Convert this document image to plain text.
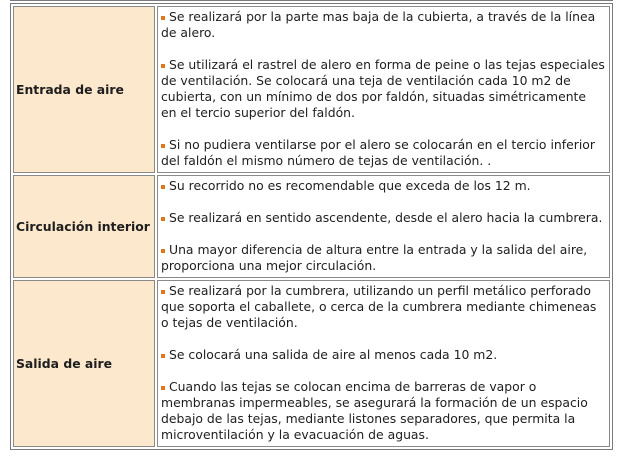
Entrada de aire	Se realizará por la parte mas baja de la cubierta, a través de la línea de alero.

Se utilizará el rastrel de alero en forma de peine o las tejas especiales de ventilación. Se colocará una teja de ventilación cada 10 m2 de cubierta, con un mínimo de dos por faldón, situadas simétricamente en el tercio superior del faldón.

Si no pudiera ventilarse por el alero se colocarán en el tercio inferior del faldón el mismo número de tejas de ventilación. .

Circulación interior	Su recorrido no es recomendable que exceda de los 12 m.

Se realizará en sentido ascendente, desde el alero hacia la cumbrera.

Una mayor diferencia de altura entre la entrada y la salida del aire, proporciona una mejor circulación.

Salida de aire	Se realizará por la cumbrera, utilizando un perfil metálico perforado que soporta el caballete, o cerca de la cumbrera mediante chimeneas o tejas de ventilación.

Se colocará una salida de aire al menos cada 10 m2.

Cuando las tejas se colocan encima de barreras de vapor o membranas impermeables, se asegurará la formación de un espacio debajo de las tejas, mediante listones separadores, que permita la microventilación y la evacuación de aguas.
